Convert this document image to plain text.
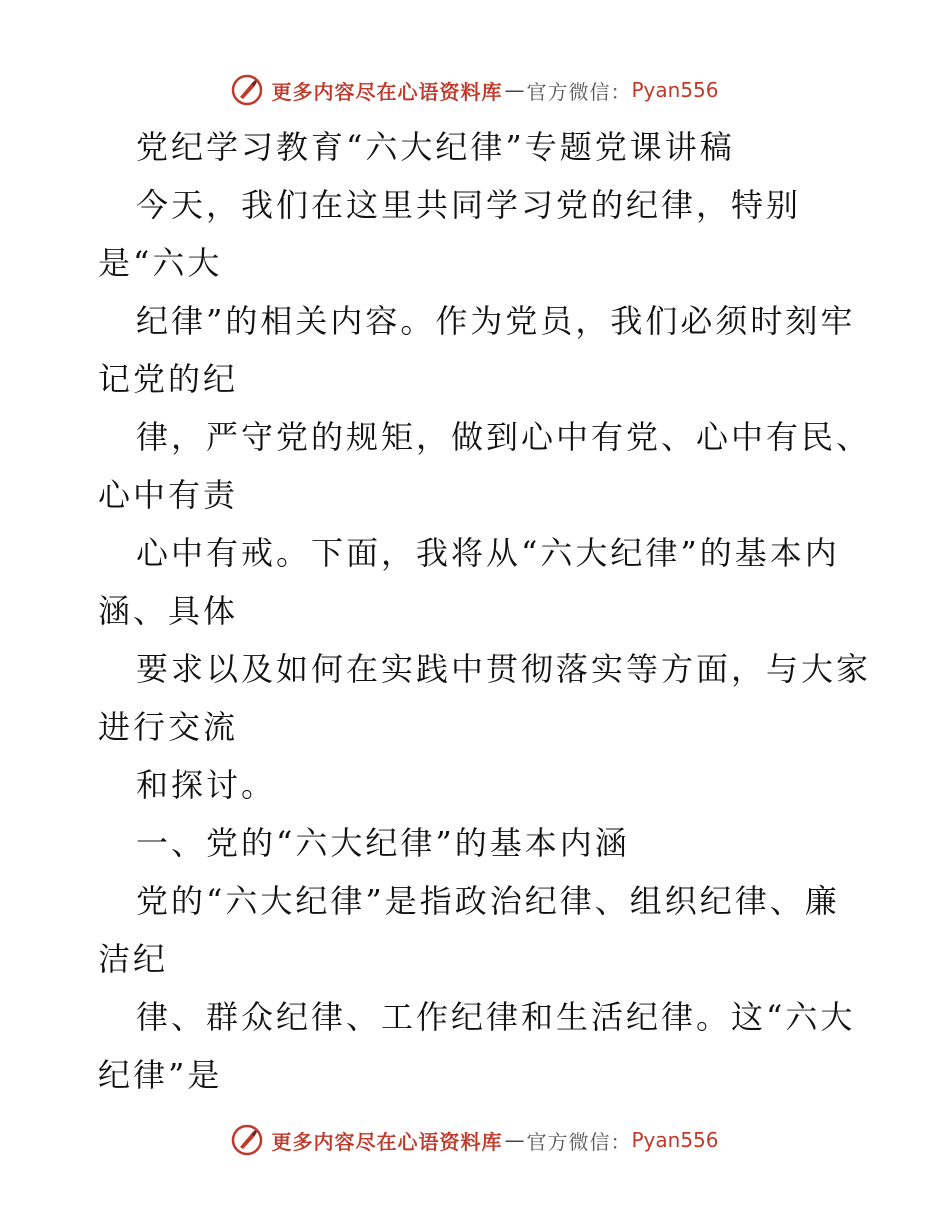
更多内容尽在心语资料库 — 官方微信： Pyan556
党纪学习教育“六大纪律”专题党课讲稿
今天，我们在这里共同学习党的纪律，特别
是“六大
纪律”的相关内容。作为党员，我们必须时刻牢
记党的纪
律，严守党的规矩，做到心中有党、心中有民、
心中有责
心中有戒。下面，我将从“六大纪律”的基本内
涵、具体
要求以及如何在实践中贯彻落实等方面，与大家
进行交流
和探讨。
一、党的“六大纪律”的基本内涵
党的“六大纪律”是指政治纪律、组织纪律、廉
洁纪
律、群众纪律、工作纪律和生活纪律。这“六大
纪律”是
更多内容尽在心语资料库 — 官方微信： Pyan556
